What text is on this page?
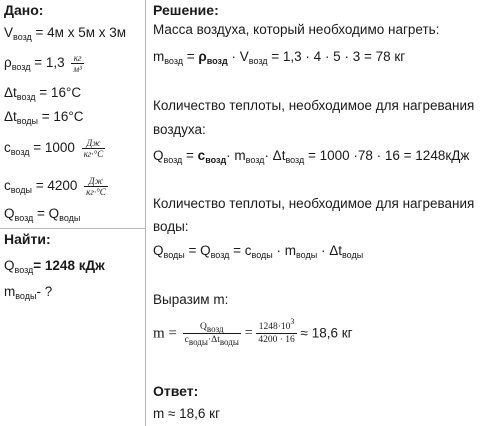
Дано:
$V_{возд} = 4м$ х 5м х 3м
$\rho_{возд} = 1,3 \frac{кг}{\text{м³}}$
$\Delta t_{возд} = 16^\circ C$
$\Delta t_{воды} = 16^\circ C$
$c_{возд} = 1000 \frac{Дж}{кг\cdot^\circ C}$
$c_{воды} = 4200 \frac{Дж}{кг\cdot^\circ C}$
$Q_{возд} = Q_{воды}$
Найти:
$Q_{возд}= 1248$ кДж
$m_{воды}-$ ?
Решение:
Масса воздуха, который необходимо нагреть:
$m_{возд} = \rho_{возд} \cdot V_{возд} = 1,3 \cdot 4 \cdot 5 \cdot 3 = 78$ кг
Количество теплоты, необходимое для нагревания
воздуха:
$Q_{возд} = c_{возд}\cdot m_{возд}\cdot \Delta t_{возд} = 1000 \cdot 78 \cdot 16 = 1248кДж$
Количество теплоты, необходимое для нагревания
воды:
$Q_{воды} = Q_{возд} = c_{воды} \cdot m_{воды} \cdot \Delta t_{воды}$
Выразим m:
$m = \frac{\text{Qвозд}}{\text{cводы·Δtводы}} = \frac{1248\cdot 10^3}{4200 \cdot 16} \approx 18,6$ кг
Ответ:
m ≈ 18,6 кг
